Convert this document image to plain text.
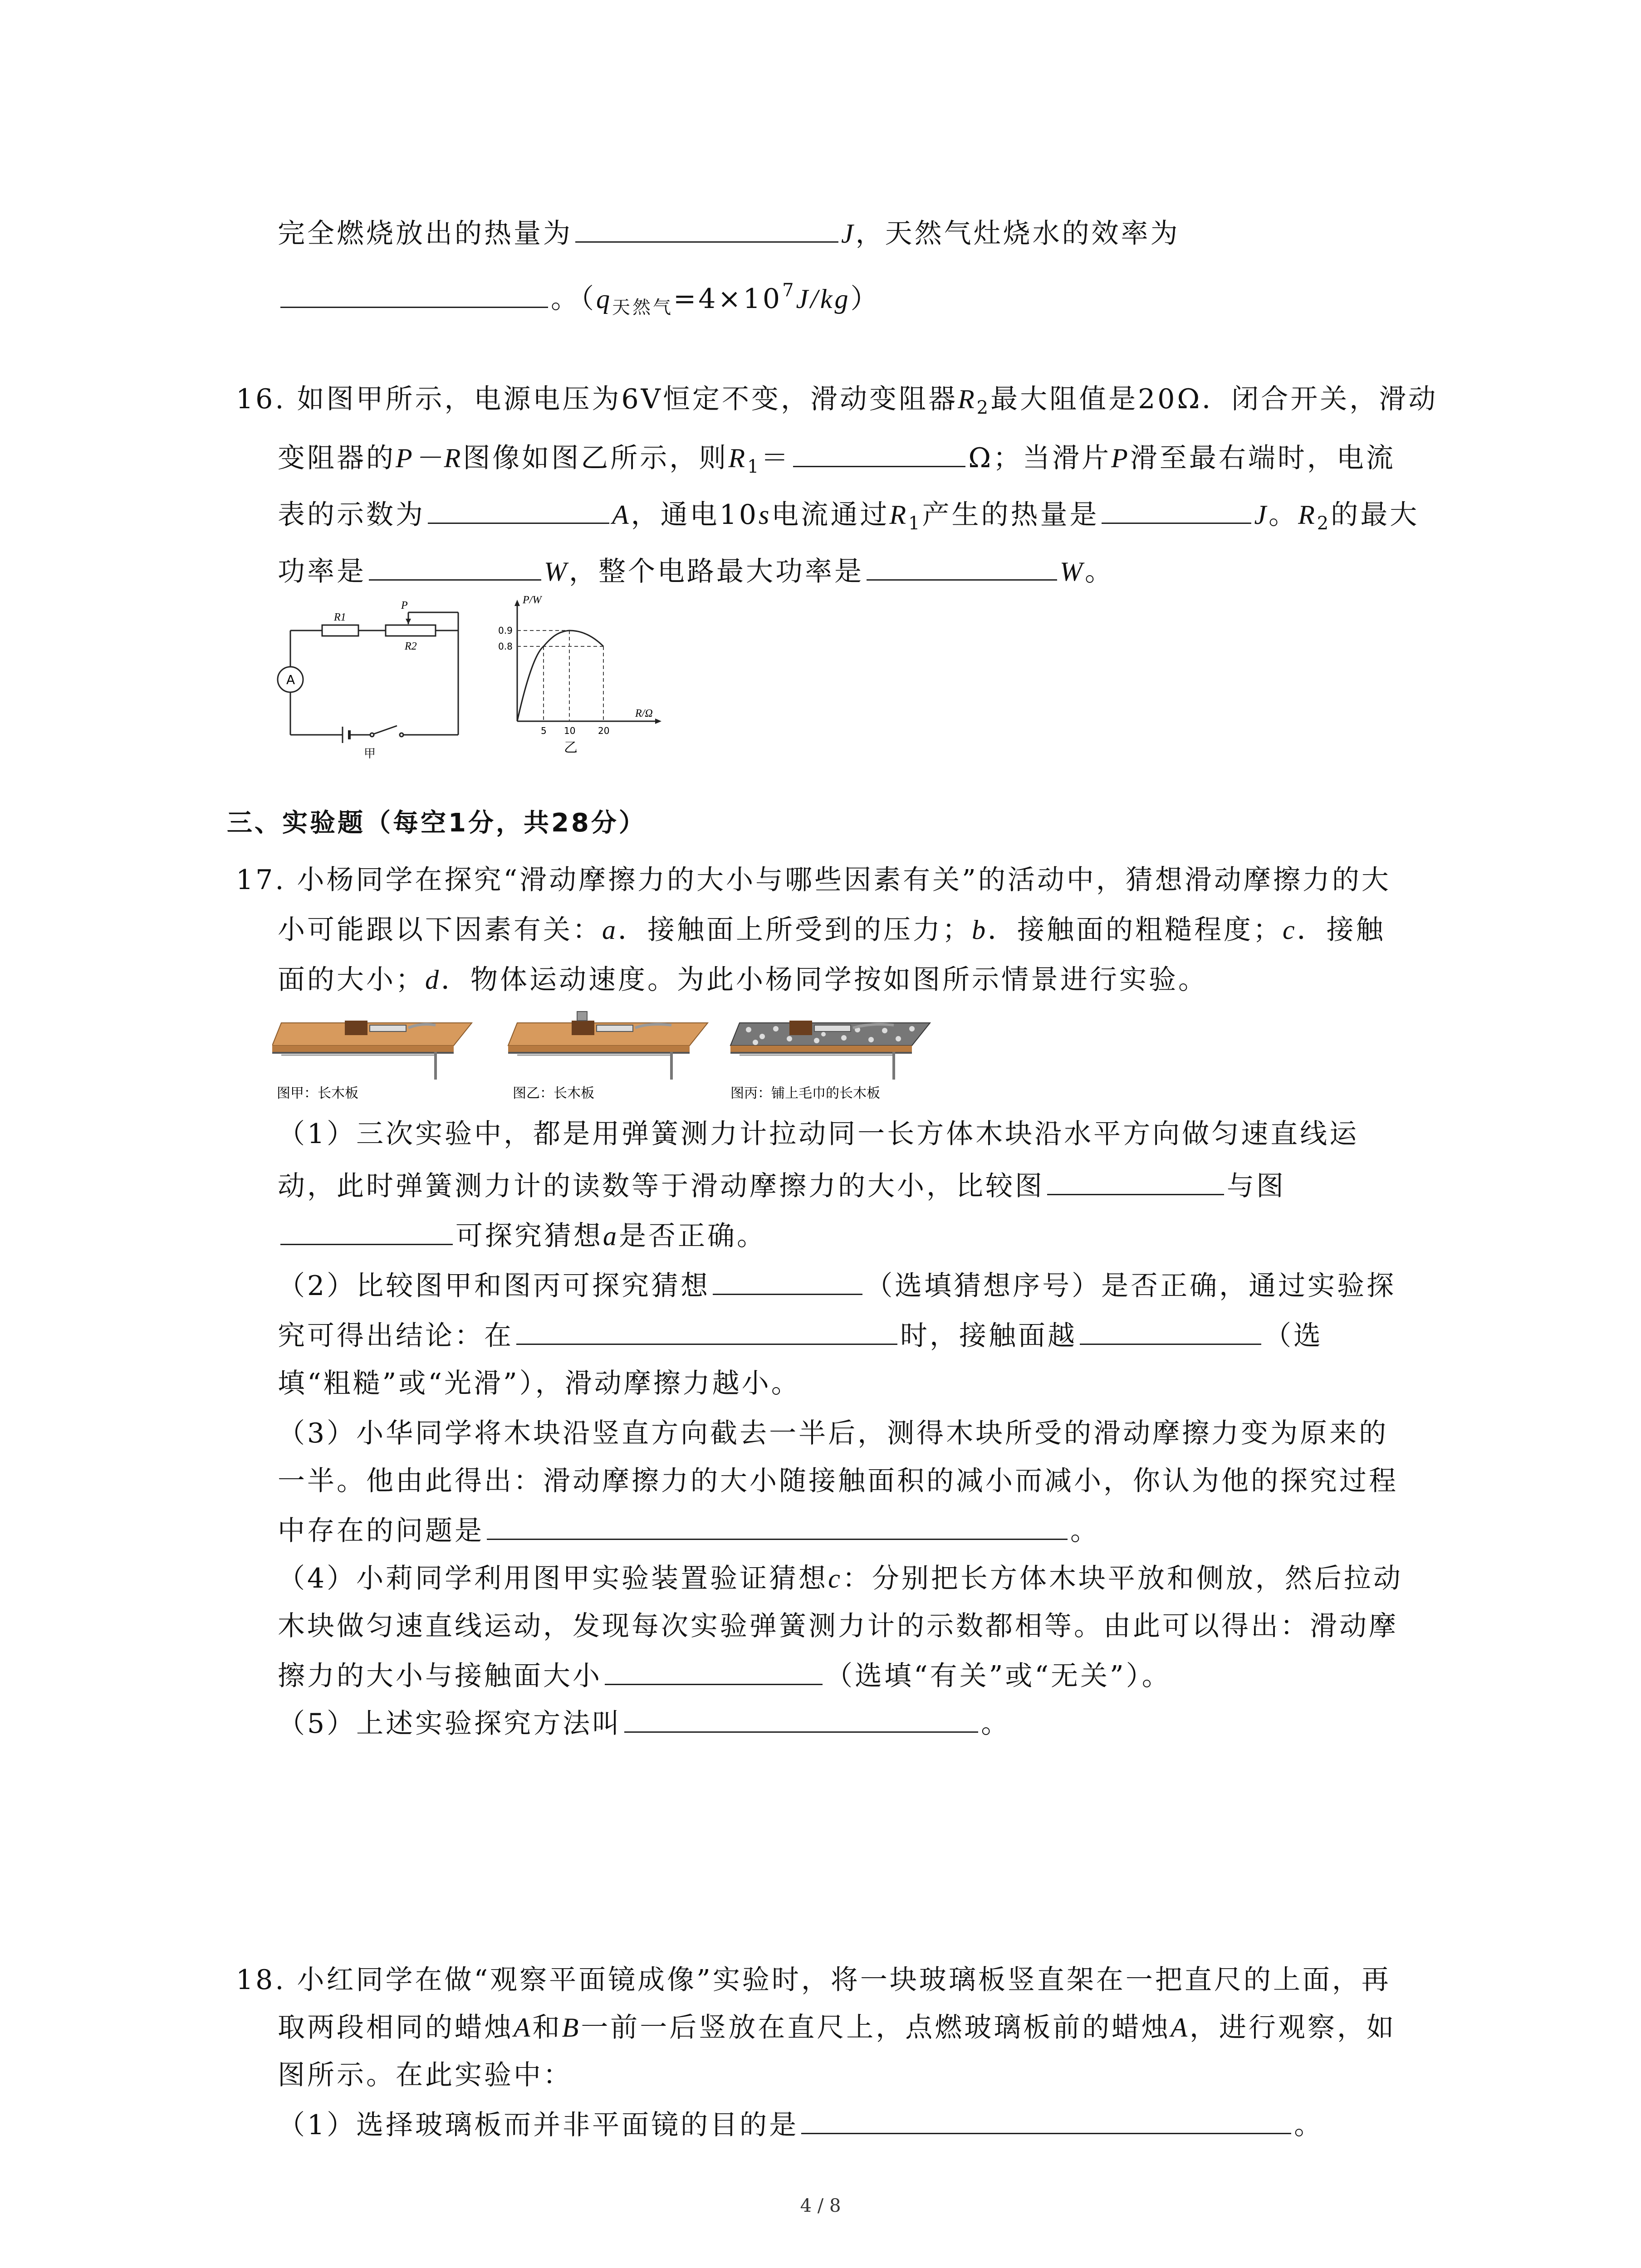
完全燃烧放出的热量为	J，天然气灶烧水的效率为
。$(q_{天然气}=4\times 10^7J/kg)$
16. 如图甲所示，电源电压为6V恒定不变，滑动变阻器$R_2$最大阻值是20Ω．闭合开关，滑动
变阻器的P－R图像如图乙所示，则$R_1=$	Ω；当滑片P滑至最右端时，电流
表的示数为	A，通电10s电流通过$R_1$产生的热量是	J。$R_2$的最大
功率是	W，整个电路最大功率是	W。
R1
P
R2
A
甲
P/W
R/Ω
0.9
0.8
5 10 20
乙
三、实验题（每空1分，共28分）
17. 小杨同学在探究“滑动摩擦力的大小与哪些因素有关”的活动中，猜想滑动摩擦力的大
小可能跟以下因素有关：a．接触面上所受到的压力；b．接触面的粗糙程度；c．接触
面的大小；d．物体运动速度。为此小杨同学按如图所示情景进行实验。
图甲：长木板	图乙：长木板	图丙：铺上毛巾的长木板
（1）三次实验中，都是用弹簧测力计拉动同一长方体木块沿水平方向做匀速直线运
动，此时弹簧测力计的读数等于滑动摩擦力的大小，比较图	与图
可探究猜想a是否正确。
（2）比较图甲和图丙可探究猜想	（选填猜想序号）是否正确，通过实验探
究可得出结论：在	时，接触面越	（选
填“粗糙”或“光滑”），滑动摩擦力越小。
（3）小华同学将木块沿竖直方向截去一半后，测得木块所受的滑动摩擦力变为原来的
一半。他由此得出：滑动摩擦力的大小随接触面积的减小而减小，你认为他的探究过程
中存在的问题是	。
（4）小莉同学利用图甲实验装置验证猜想c：分别把长方体木块平放和侧放，然后拉动
木块做匀速直线运动，发现每次实验弹簧测力计的示数都相等。由此可以得出：滑动摩
擦力的大小与接触面大小	（选填“有关”或“无关”）。
（5）上述实验探究方法叫	。
18. 小红同学在做“观察平面镜成像”实验时，将一块玻璃板竖直架在一把直尺的上面，再
取两段相同的蜡烛A和B一前一后竖放在直尺上，点燃玻璃板前的蜡烛A，进行观察，如
图所示。在此实验中：
（1）选择玻璃板而并非平面镜的目的是	。
4 / 8
